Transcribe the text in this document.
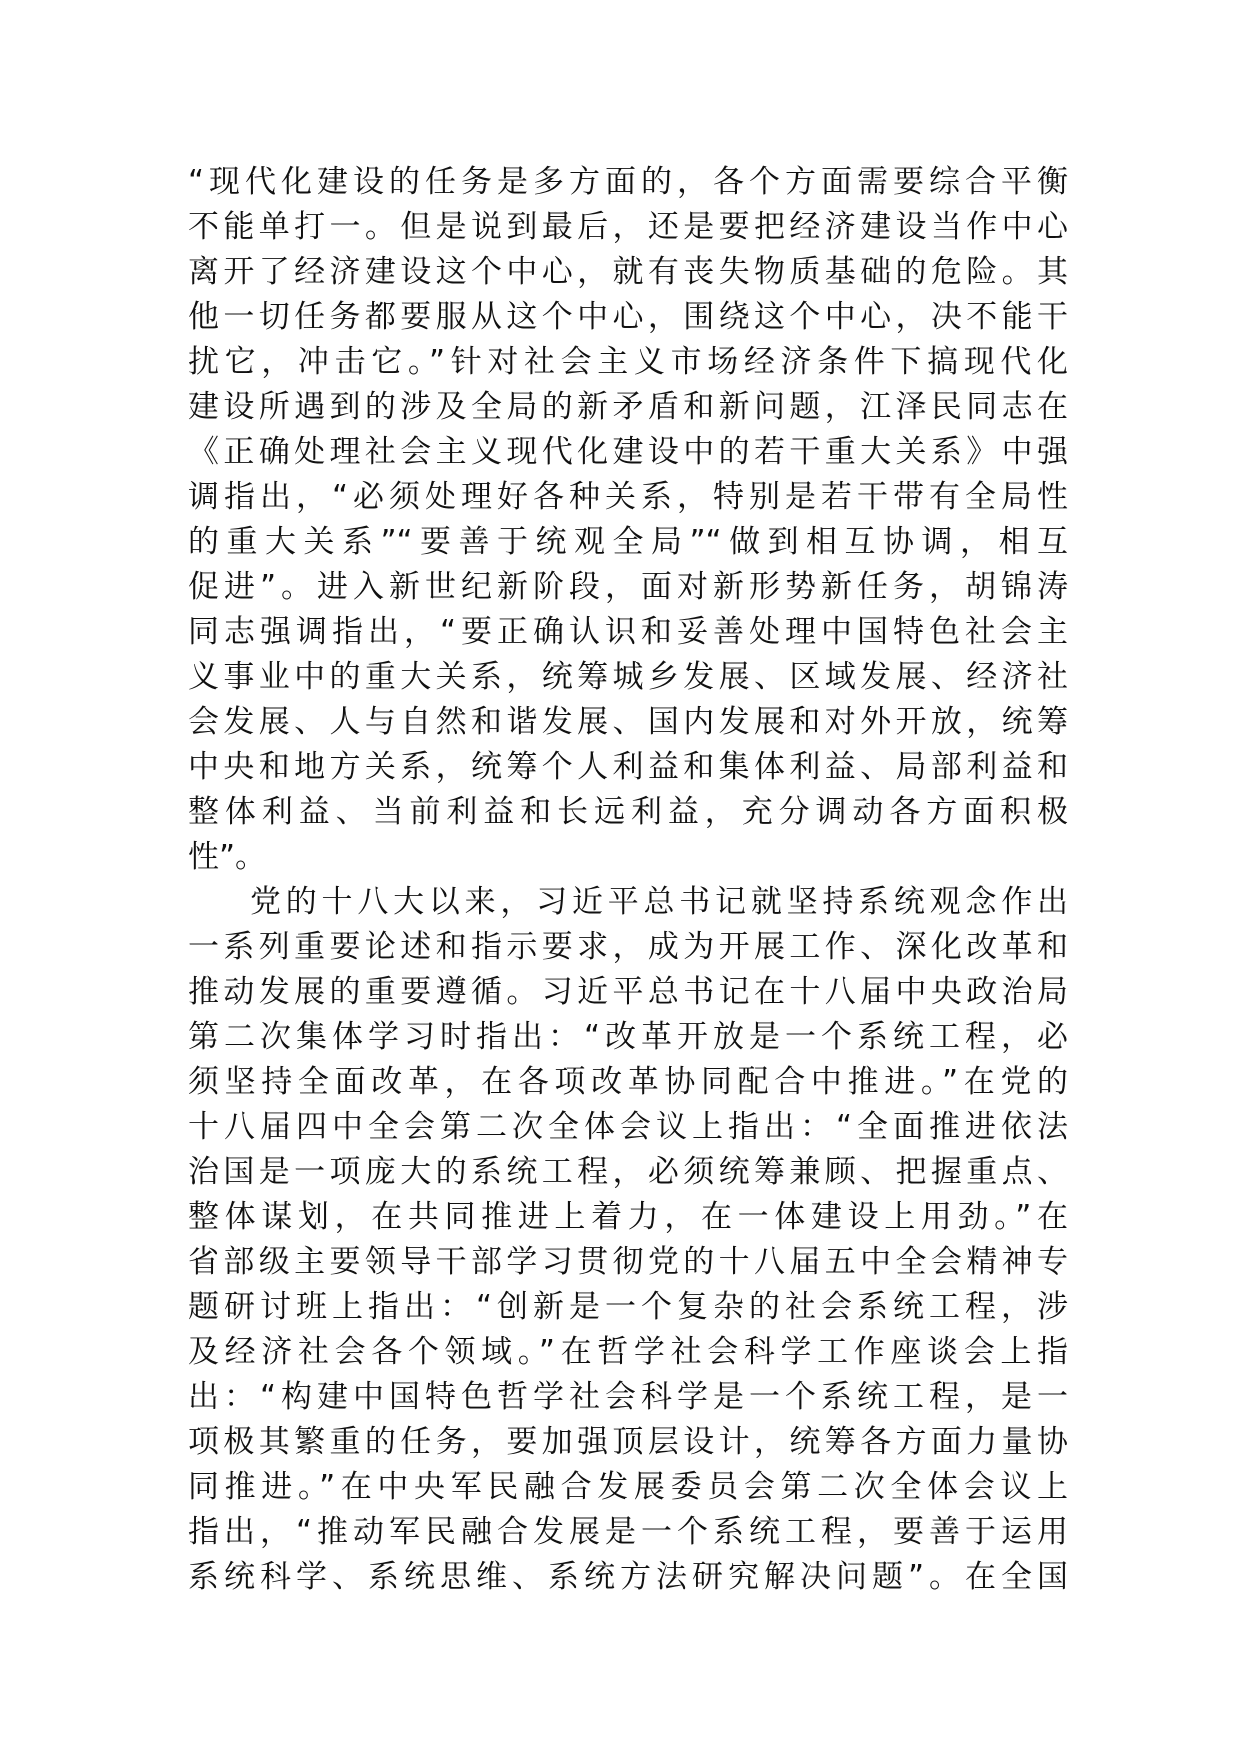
“现代化建设的任务是多方面的，各个方面需要综合平衡
不能单打一。但是说到最后，还是要把经济建设当作中心
离开了经济建设这个中心，就有丧失物质基础的危险。其
他一切任务都要服从这个中心，围绕这个中心，决不能干
扰它，冲击它。”针对社会主义市场经济条件下搞现代化
建设所遇到的涉及全局的新矛盾和新问题，江泽民同志在
《正确处理社会主义现代化建设中的若干重大关系》中强
调指出，“必须处理好各种关系，特别是若干带有全局性
的重大关系”“要善于统观全局”“做到相互协调，相互
促进”。进入新世纪新阶段，面对新形势新任务，胡锦涛
同志强调指出，“要正确认识和妥善处理中国特色社会主
义事业中的重大关系，统筹城乡发展、区域发展、经济社
会发展、人与自然和谐发展、国内发展和对外开放，统筹
中央和地方关系，统筹个人利益和集体利益、局部利益和
整体利益、当前利益和长远利益，充分调动各方面积极
性”。
党的十八大以来，习近平总书记就坚持系统观念作出
一系列重要论述和指示要求，成为开展工作、深化改革和
推动发展的重要遵循。习近平总书记在十八届中央政治局
第二次集体学习时指出：“改革开放是一个系统工程，必
须坚持全面改革，在各项改革协同配合中推进。”在党的
十八届四中全会第二次全体会议上指出：“全面推进依法
治国是一项庞大的系统工程，必须统筹兼顾、把握重点、
整体谋划，在共同推进上着力，在一体建设上用劲。”在
省部级主要领导干部学习贯彻党的十八届五中全会精神专
题研讨班上指出：“创新是一个复杂的社会系统工程，涉
及经济社会各个领域。”在哲学社会科学工作座谈会上指
出：“构建中国特色哲学社会科学是一个系统工程，是一
项极其繁重的任务，要加强顶层设计，统筹各方面力量协
同推进。”在中央军民融合发展委员会第二次全体会议上
指出，“推动军民融合发展是一个系统工程，要善于运用
系统科学、系统思维、系统方法研究解决问题”。在全国
